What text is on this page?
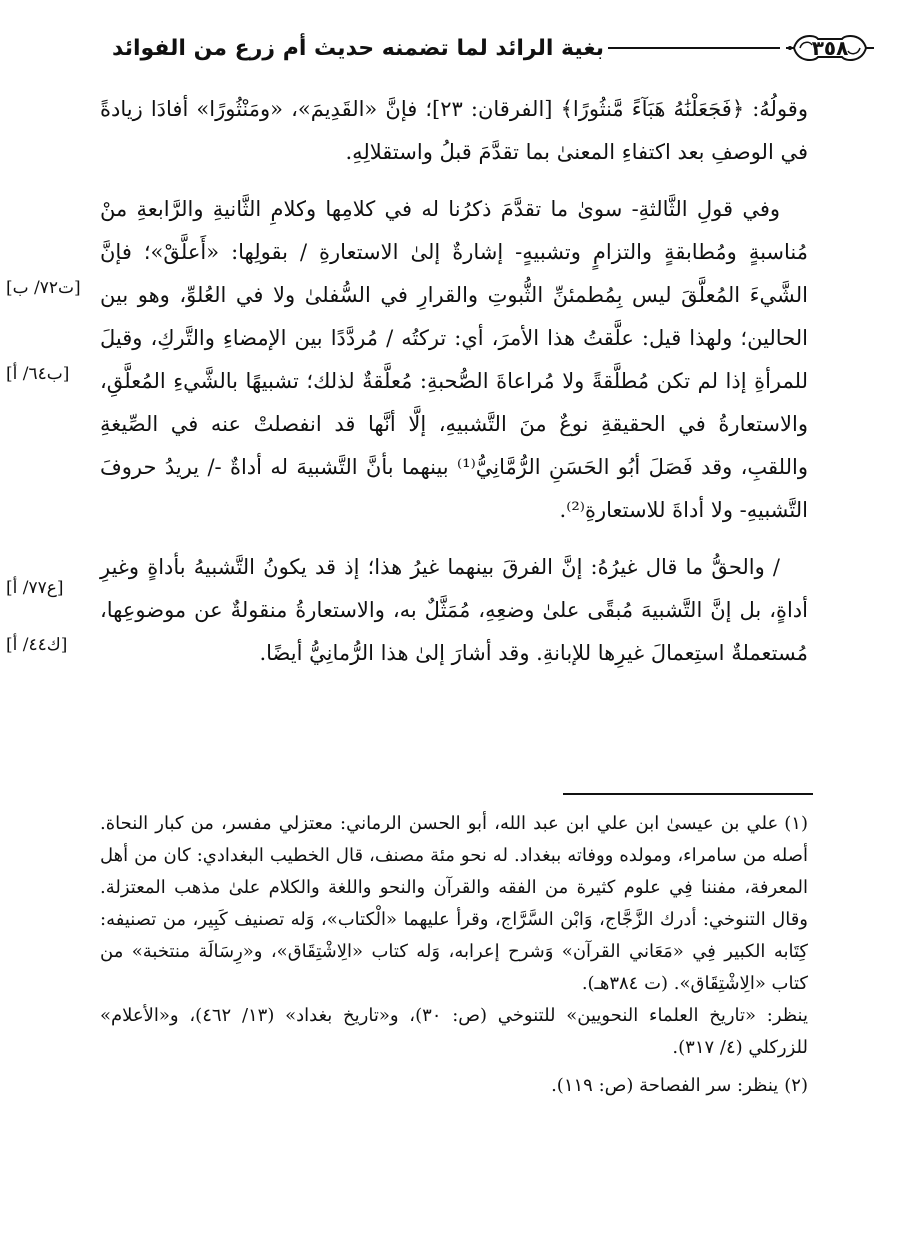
٣٥٨
بغية الرائد لما تضمنه حديث أم زرع من الفوائد

وقولُهُ: ﴿فَجَعَلْنَٰهُ هَبَآءً مَّنثُورًا﴾ [الفرقان: ٢٣]؛ فإنَّ «القَدِيمَ»، «ومَنْثُورًا» أفادَا زيادةً في الوصفِ بعد اكتفاءِ المعنىٰ بما تقدَّمَ قبلُ واستقلالِهِ.

وفي قولِ الثَّالثةِ- سوىٰ ما تقدَّمَ ذكرُنا له في كلامِها وكلامِ الثَّانيةِ والرَّابعةِ منْ مُناسبةٍ ومُطابقةٍ والتزامٍ وتشبيهٍ- إشارةٌ إلىٰ الاستعارةِ / بقولِها: «أَعلَّقْ»؛ فإنَّ الشَّيءَ المُعلَّقَ ليس بِمُطمئنِّ الثُّبوتِ والقرارِ في السُّفلىٰ ولا في العُلوِّ، وهو بين الحالين؛ ولهذا قيل: علَّقتُ هذا الأمرَ، أي: تركتُه / مُردَّدًا بين الإمضاءِ والتَّركِ، وقيلَ للمرأةِ إذا لم تكن مُطلَّقةً ولا مُراعاةَ الصُّحبةِ: مُعلَّقةٌ لذلك؛ تشبيهًا بالشَّيءِ المُعلَّقِ، والاستعارةُ في الحقيقةِ نوعٌ منَ التَّشبيهِ، إلَّا أنَّها قد انفصلتْ عنه في الصِّيغةِ واللقبِ، وقد فَصَلَ أبُو الحَسَنِ الرُّمَّانِيُّ⁽¹⁾ بينهما بأنَّ التَّشبيهَ له أداةٌ -/ يريدُ حروفَ التَّشبيهِ- ولا أداةَ للاستعارةِ⁽²⁾.

/ والحقُّ ما قال غيرُهُ: إنَّ الفرقَ بينهما غيرُ هذا؛ إذ قد يكونُ التَّشبيهُ بأداةٍ وغيرِ أداةٍ، بل إنَّ التَّشبيهَ مُبقًى علىٰ وضعِهِ، مُمَثَّلٌ به، والاستعارةُ منقولةٌ عن موضوعِها، مُستعملةٌ استِعمالَ غيرِها للإبانةِ. وقد أشارَ إلىٰ هذا الرُّمانِيُّ أيضًا.

[ت٧٢/ ب]
[ب٦٤/ أ]
[ع٧٧/ أ]
[ك٤٤/ أ]

(١)علي بن عيسىٰ ابن علي ابن عبد الله، أبو الحسن الرماني: معتزلي مفسر، من كبار النحاة. أصله من سامراء، ومولده ووفاته ببغداد. له نحو مئة مصنف، قال الخطيب البغدادي: كان من أهل المعرفة، مفننا فِي علوم كثيرة من الفقه والقرآن والنحو واللغة والكلام علىٰ مذهب المعتزلة. وقال التنوخي: أدرك الزَّجَّاج، وَابْن السَّرَّاج، وقرأ عليهما «الْكتاب»، وَله تصنيف كَبِير، من تصنيفه: كِتَابه الكبير فِي «مَعَاني القرآن» وَشرح إعرابه، وَله كتاب «الِاشْتِقَاق»، و«رِسَالَة منتخبة» من كتاب «الِاشْتِقَاق». (ت ٣٨٤هـ).

ينظر: «تاريخ العلماء النحويين» للتنوخي (ص: ٣٠)، و«تاريخ بغداد» (١٣/ ٤٦٢)، و«الأعلام» للزركلي (٤/ ٣١٧).

(٢)ينظر: سر الفصاحة (ص: ١١٩).
